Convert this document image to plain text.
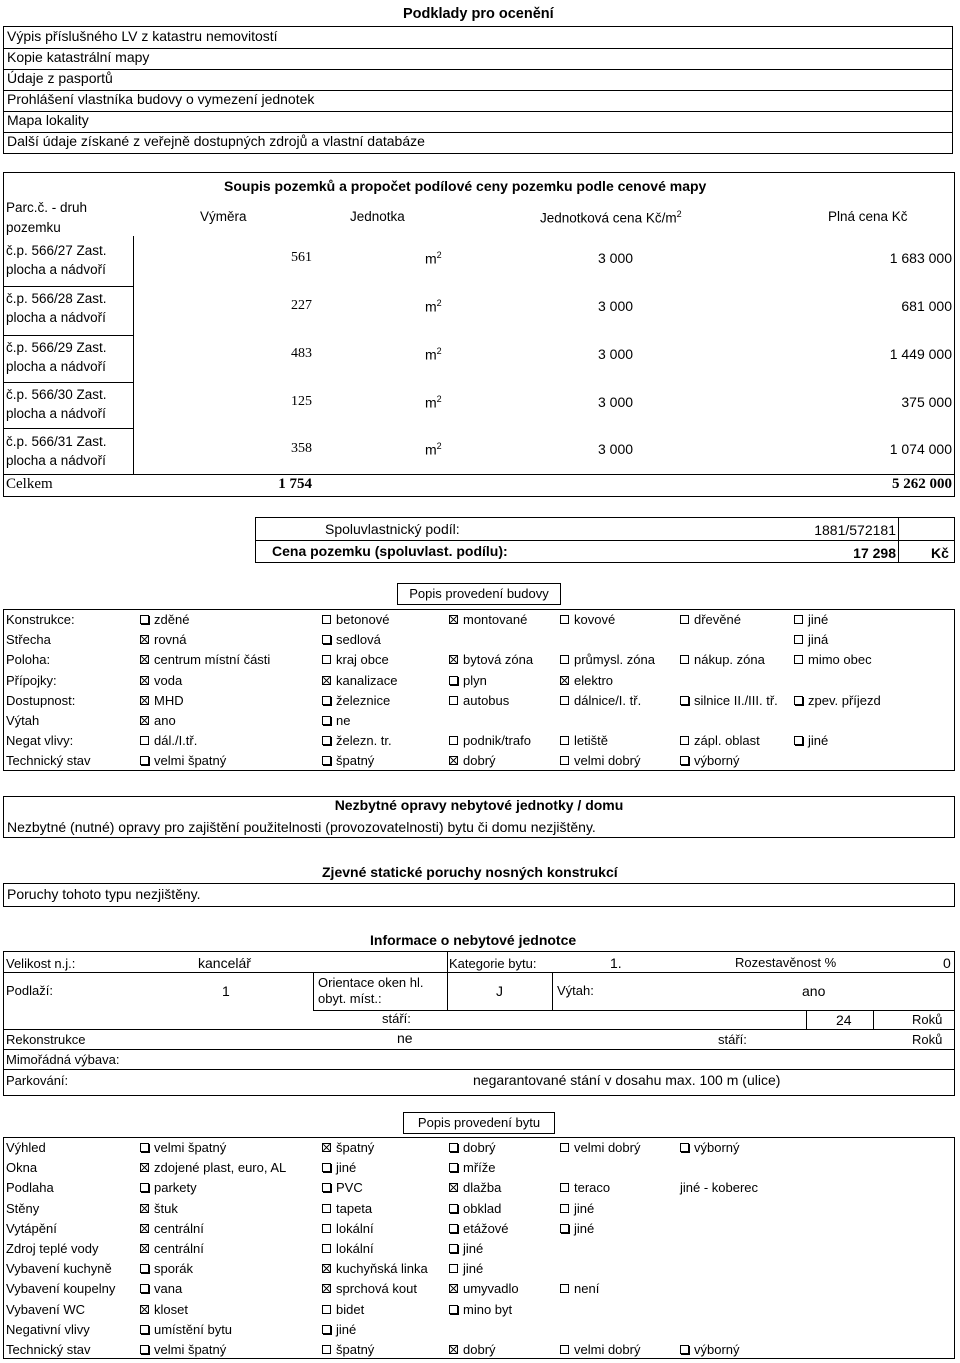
Podklady pro ocenění
Výpis příslušného LV z katastru nemovitostí
Kopie katastrální mapy
Údaje z pasportů
Prohlášení vlastníka budovy o vymezení jednotek
Mapa lokality
Další údaje získané z veřejně dostupných zdrojů a vlastní databáze
Soupis pozemků a propočet podílové ceny pozemku podle cenové mapy
Parc.č. - druh pozemku
Výměra	Jednotka	Jednotková cena $Kč/m^2$	Plná cena Kč
č.p. 566/27 Zast. plocha a nádvoří
561	$m^2$	3 000	1 683 000
č.p. 566/28 Zast. plocha a nádvoří
227	$m^2$	3 000	681 000
č.p. 566/29 Zast. plocha a nádvoří
483	$m^2$	3 000	1 449 000
č.p. 566/30 Zast. plocha a nádvoří
125	$m^2$	3 000	375 000
č.p. 566/31 Zast. plocha a nádvoří
358	$m^2$	3 000	1 074 000
Celkem	1 754	5 262 000
Spoluvlastnický podíl:	1881/572181
Cena pozemku (spoluvlast. podílu):	17 298	Kč
Popis provedení budovy
Konstrukce:	zděné	betonové	montované	kovové	dřevěné	jiné
Střecha	rovná	sedlová	jiná
Poloha:	centrum místní části	kraj obce	bytová zóna	průmysl. zóna	nákup. zóna	mimo obec
Přípojky:	voda	kanalizace	plyn	elektro
Dostupnost:	MHD	železnice	autobus	dálnice/I. tř.	silnice II./III. tř.	zpev. příjezd
Výtah	ano	ne
Negat vlivy:	dál./I.tř.	železn. tr.	podnik/trafo	letiště	zápl. oblast	jiné
Technický stav	velmi špatný	špatný	dobrý	velmi dobrý	výborný
Nezbytné opravy nebytové jednotky / domu
Nezbytné (nutné) opravy pro zajištění použitelnosti (provozovatelnosti) bytu či domu nezjištěny.
Zjevné statické poruchy nosných konstrukcí
Poruchy tohoto typu nezjištěny.
Informace o nebytové jednotce
Velikost n.j.:	kancelář	Kategorie bytu:	1.	Rozestavěnost %	0
Podlaží:	1
Orientace oken hl. obyt. míst.:	J	Výtah:	ano
stáří:	24	Roků
Rekonstrukce	ne	stáří:	Roků
Mimořádná výbava:
Parkování:	negarantované stání v dosahu max. 100 m (ulice)
Popis provedení bytu
Výhled	velmi špatný	špatný	dobrý	velmi dobrý	výborný
Okna	zdojené plast, euro, AL	jiné	mříže
Podlaha	parkety	PVC	dlažba	teraco	jiné - koberec
Stěny	štuk	tapeta	obklad	jiné
Vytápění	centrální	lokální	etážové	jiné
Zdroj teplé vody	centrální	lokální	jiné
Vybavení kuchyně	sporák	kuchyňská linka	jiné
Vybavení koupelny	vana	sprchová kout	umyvadlo	není
Vybavení WC	kloset	bidet	mino byt
Negativní vlivy	umístění bytu	jiné
Technický stav	velmi špatný	špatný	dobrý	velmi dobrý	výborný
